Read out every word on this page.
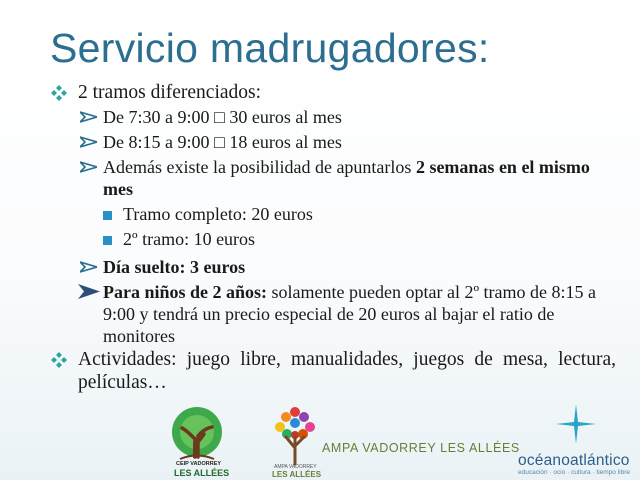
Servicio madrugadores:
2 tramos diferenciados:
De 7:30 a 9:00 □ 30 euros al mes
De 8:15 a 9:00 □ 18 euros al mes
Además existe la posibilidad de apuntarlos 2 semanas en el mismo mes
Tramo completo: 20 euros
2º tramo: 10 euros
Día suelto: 3 euros
Para niños de 2 años: solamente pueden optar al 2º tramo de 8:15 a 9:00 y tendrá un precio especial de 20 euros al bajar el ratio de monitores
Actividades: juego libre, manualidades, juegos de mesa, lectura, películas…
CEIP VADORREY
LES ALLÉES
AMPA VADORREY
LES ALLÉES
AMPA VADORREY LES ALLÉES
océanoatlántico
educación · ocio · cultura · tiempo libre
